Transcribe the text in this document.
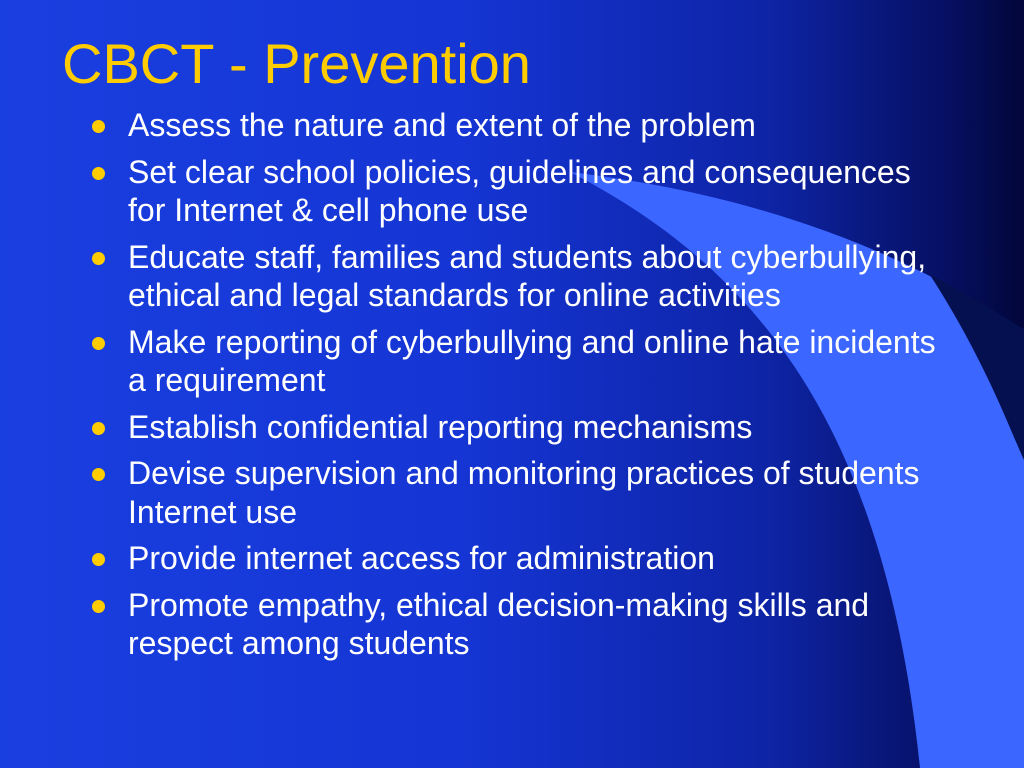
CBCT - Prevention
Assess the nature and extent of the problem
Set clear school policies, guidelines and consequences for Internet & cell phone use
Educate staff, families and students about cyberbullying, ethical and legal standards for online activities
Make reporting of cyberbullying and online hate incidents a requirement
Establish confidential reporting mechanisms
Devise supervision and monitoring practices of students Internet use
Provide internet access for administration
Promote empathy, ethical decision-making skills and respect among students
